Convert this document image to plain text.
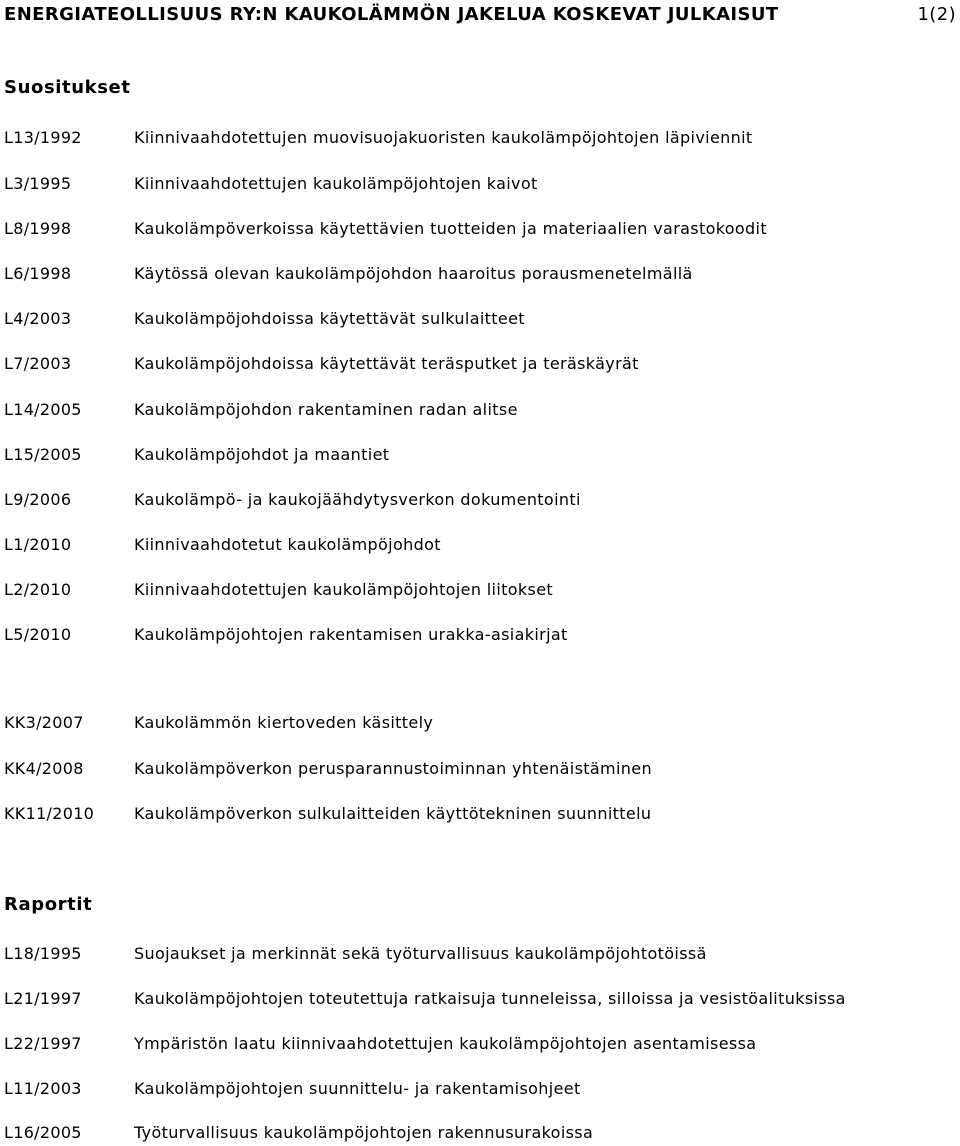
ENERGIATEOLLISUUS RY:N KAUKOLÄMMÖN JAKELUA KOSKEVAT JULKAISUT	1(2)
Suositukset
L13/1992	Kiinnivaahdotettujen muovisuojakuoristen kaukolämpöjohtojen läpiviennit
L3/1995	Kiinnivaahdotettujen kaukolämpöjohtojen kaivot
L8/1998	Kaukolämpöverkoissa käytettävien tuotteiden ja materiaalien varastokoodit
L6/1998	Käytössä olevan kaukolämpöjohdon haaroitus porausmenetelmällä
L4/2003	Kaukolämpöjohdoissa käytettävät sulkulaitteet
L7/2003	Kaukolämpöjohdoissa käytettävät teräsputket ja teräskäyrät
L14/2005	Kaukolämpöjohdon rakentaminen radan alitse
L15/2005	Kaukolämpöjohdot ja maantiet
L9/2006	Kaukolämpö- ja kaukojäähdytysverkon dokumentointi
L1/2010	Kiinnivaahdotetut kaukolämpöjohdot
L2/2010	Kiinnivaahdotettujen kaukolämpöjohtojen liitokset
L5/2010	Kaukolämpöjohtojen rakentamisen urakka-asiakirjat
KK3/2007	Kaukolämmön kiertoveden käsittely
KK4/2008	Kaukolämpöverkon perusparannustoiminnan yhtenäistäminen
KK11/2010 Kaukolämpöverkon sulkulaitteiden käyttötekninen suunnittelu
Raportit
L18/1995	Suojaukset ja merkinnät sekä työturvallisuus kaukolämpöjohtotöissä
L21/1997	Kaukolämpöjohtojen toteutettuja ratkaisuja tunneleissa, silloissa ja vesistöalituksissa
L22/1997	Ympäristön laatu kiinnivaahdotettujen kaukolämpöjohtojen asentamisessa
L11/2003	Kaukolämpöjohtojen suunnittelu- ja rakentamisohjeet
L16/2005	Työturvallisuus kaukolämpöjohtojen rakennusurakoissa
